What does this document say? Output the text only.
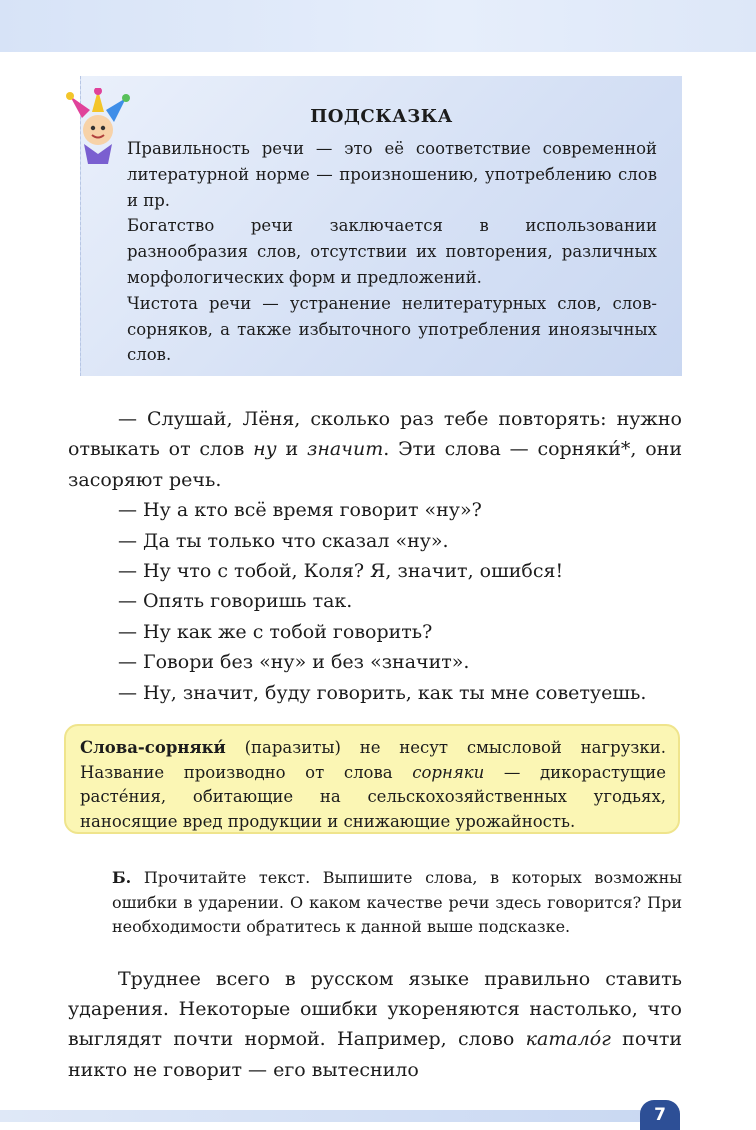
ПОДСКАЗКА

Правильность речи — это её соответствие современной литературной норме — произношению, употреблению слов и пр.

Богатство речи заключается в использовании разнообразия слов, отсутствии их повторения, различных морфологических форм и предложений.

Чистота речи — устранение нелитературных слов, слов-сорняков, а также избыточного употребления иноязычных слов.

— Слушай, Лёня, сколько раз тебе повторять: нужно отвыкать от слов ну и значит. Эти слова — сорняки́*, они засоряют речь.

— Ну а кто всё время говорит «ну»?

— Да ты только что сказал «ну».

— Ну что с тобой, Коля? Я, значит, ошибся!

— Опять говоришь так.

— Ну как же с тобой говорить?

— Говори без «ну» и без «значит».

— Ну, значит, буду говорить, как ты мне советуешь.

Слова-сорняки́ (паразиты) не несут смысловой нагрузки. Название производно от слова сорняки — дикорастущие расте́ния, обитающие на сельскохозяйственных угодьях, наносящие вред продукции и снижающие урожайность.
Б. Прочитайте текст. Выпишите слова, в которых возможны ошибки в ударении. О каком качестве речи здесь говорится? При необходимости обратитесь к данной выше подсказке.

Труднее всего в русском языке правильно ставить ударения. Некоторые ошибки укореняются настолько, что выглядят почти нормой. Например, слово катало́г почти никто не говорит — его вытеснило

7
